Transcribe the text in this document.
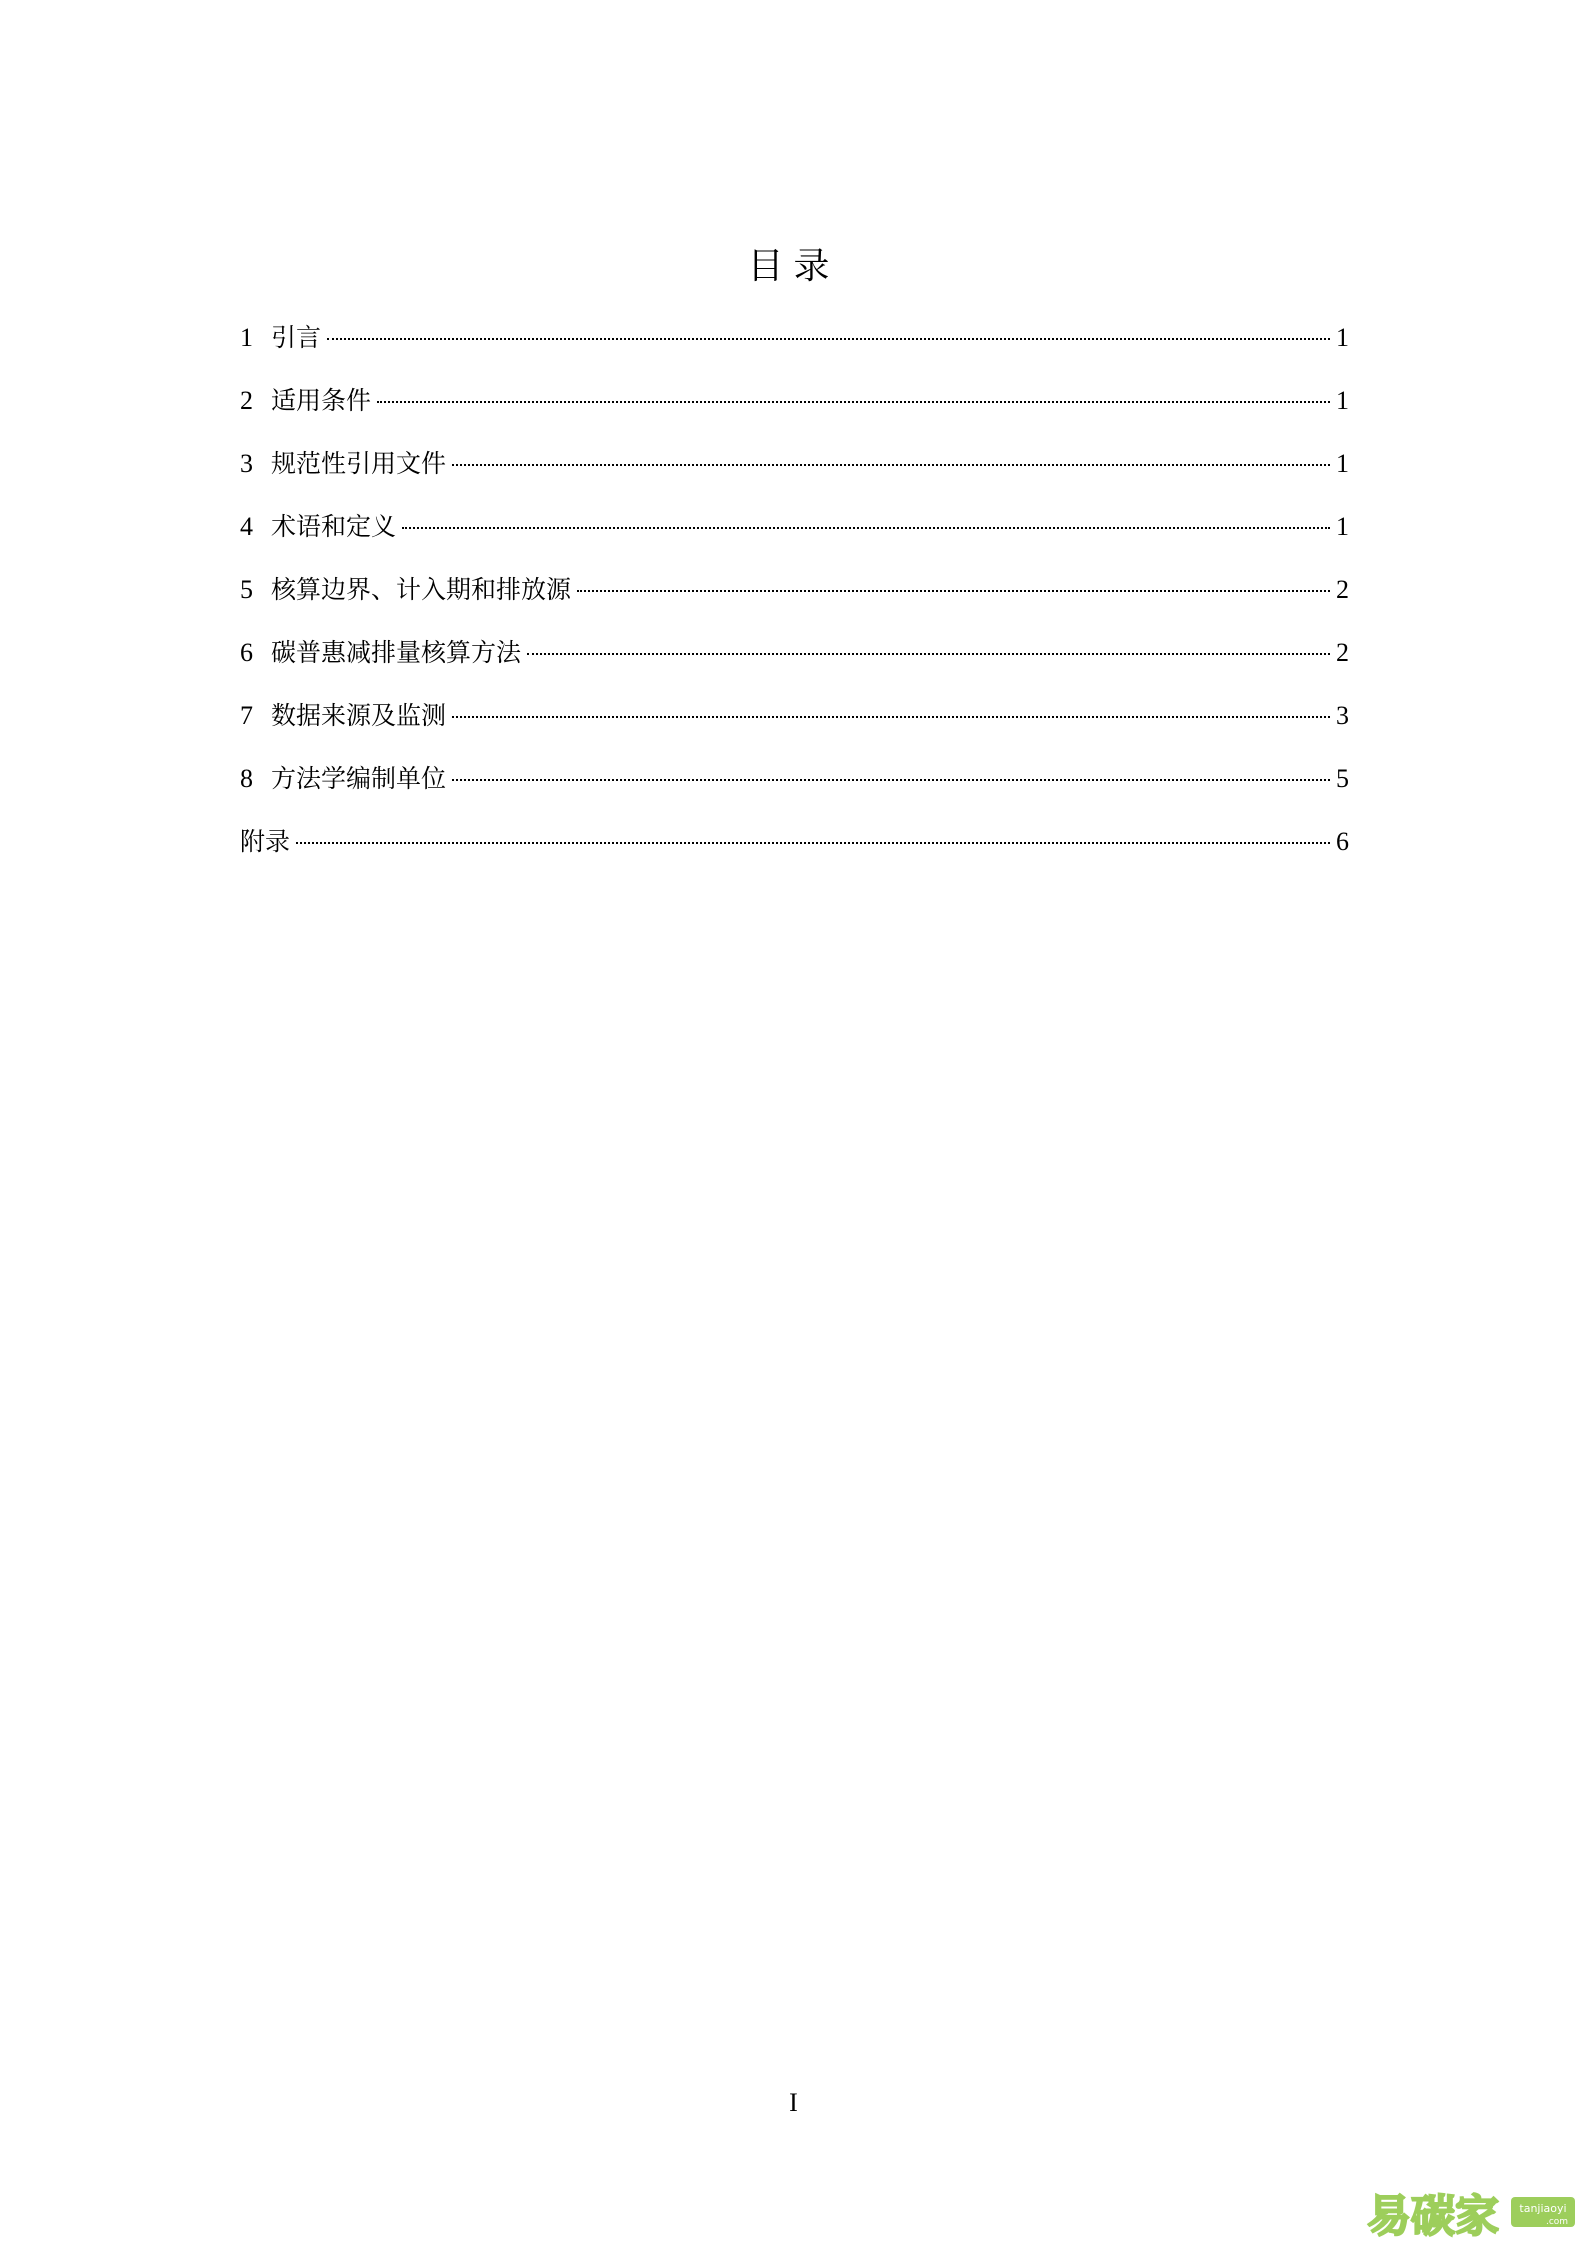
目录
1 引言	1
2 适用条件	1
3 规范性引用文件	1
4 术语和定义	1
5 核算边界、计入期和排放源	2
6 碳普惠减排量核算方法	2
7 数据来源及监测	3
8 方法学编制单位	5
附录	6
I
易碳家 tanjiaoyi
.com
